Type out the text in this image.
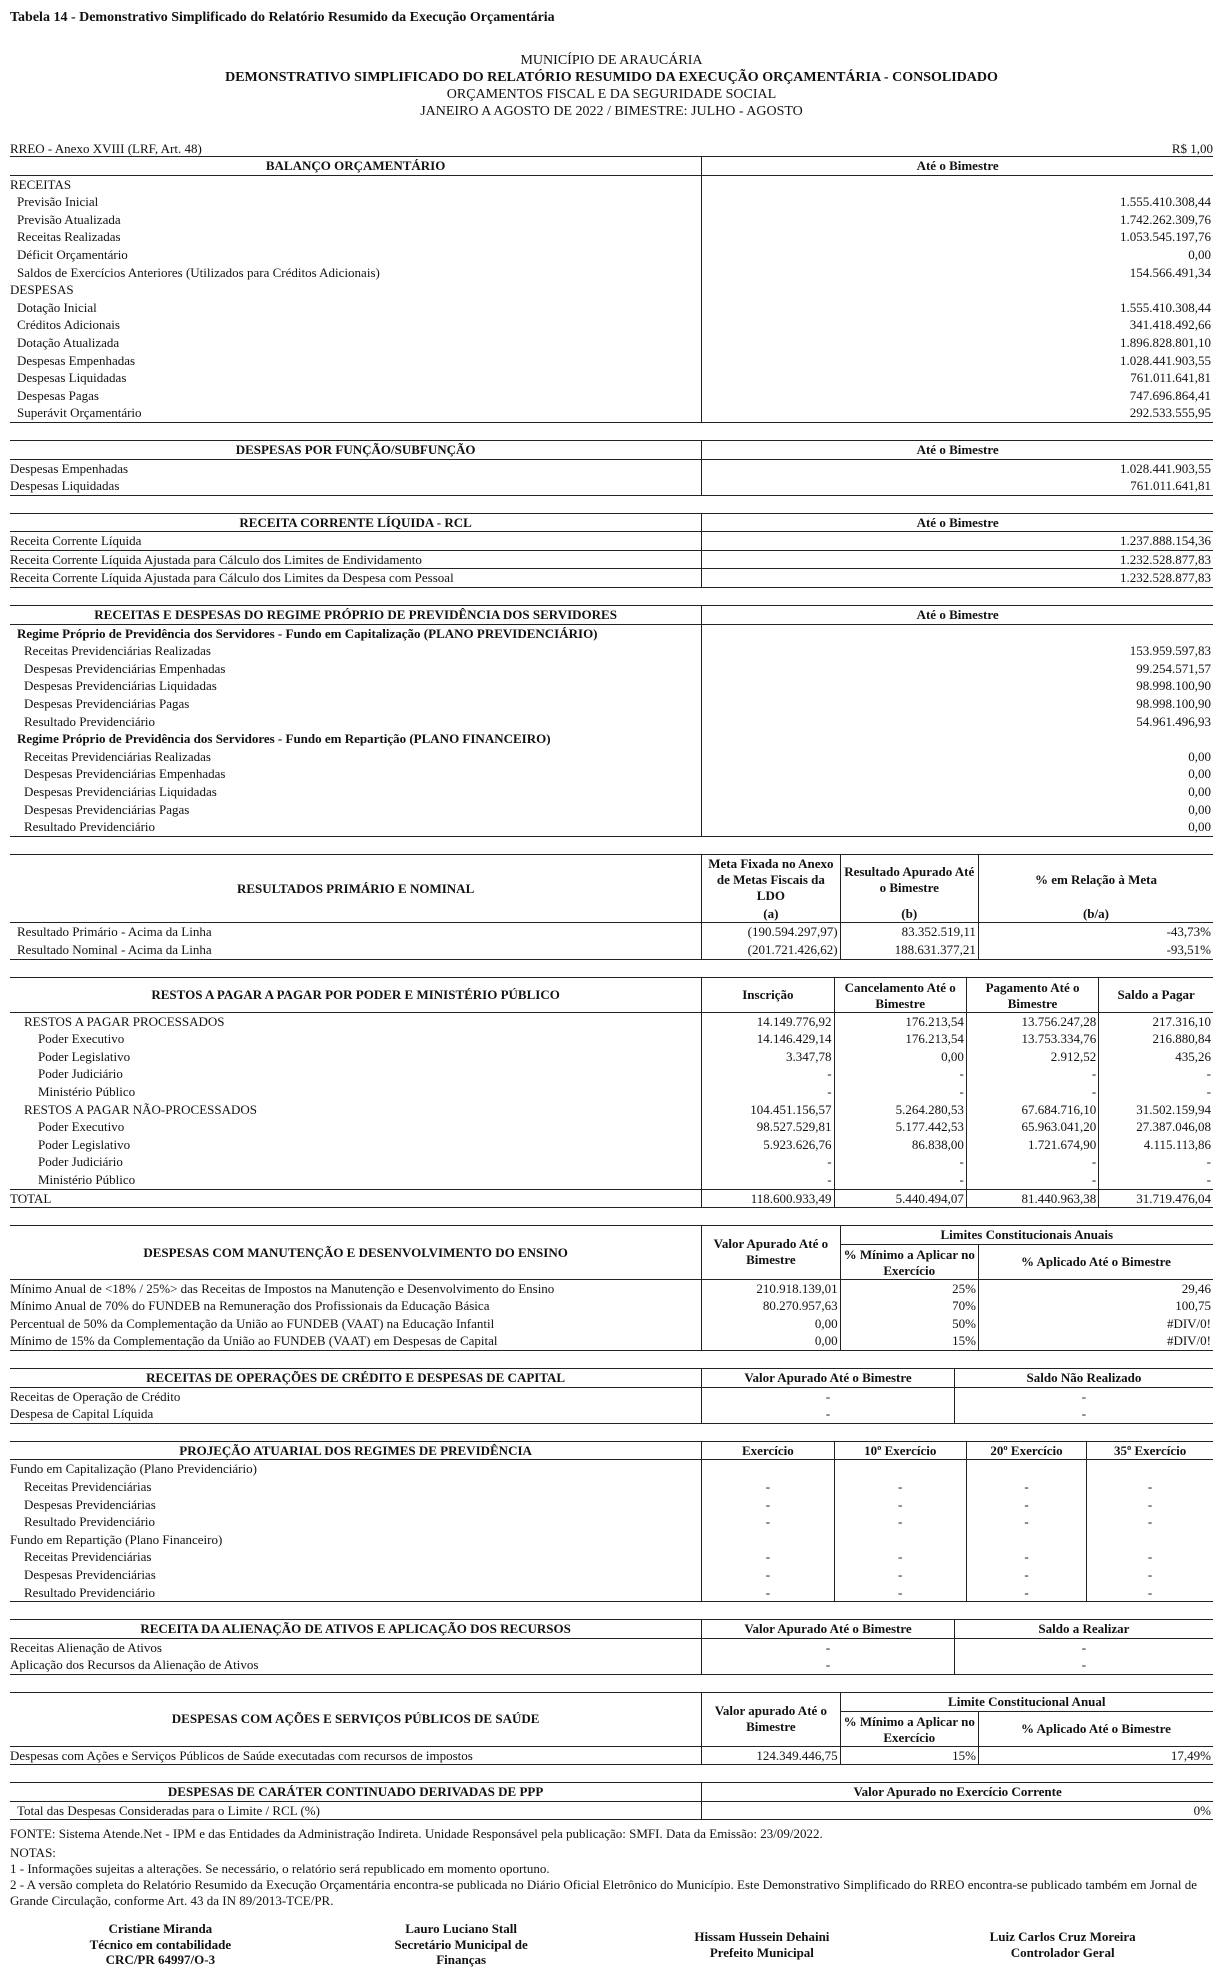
Tabela 14 - Demonstrativo Simplificado do Relatório Resumido da Execução Orçamentária
MUNICÍPIO DE ARAUCÁRIA
DEMONSTRATIVO SIMPLIFICADO DO RELATÓRIO RESUMIDO DA EXECUÇÃO ORÇAMENTÁRIA - CONSOLIDADO
ORÇAMENTOS FISCAL E DA SEGURIDADE SOCIAL
JANEIRO A AGOSTO DE 2022 / BIMESTRE: JULHO - AGOSTO
RREO - Anexo XVIII (LRF, Art. 48)	R$ 1,00
BALANÇO ORÇAMENTÁRIO	Até o Bimestre
RECEITAS	
Previsão Inicial	1.555.410.308,44
Previsão Atualizada	1.742.262.309,76
Receitas Realizadas	1.053.545.197,76
Déficit Orçamentário	0,00
Saldos de Exercícios Anteriores (Utilizados para Créditos Adicionais)	154.566.491,34
DESPESAS	
Dotação Inicial	1.555.410.308,44
Créditos Adicionais	341.418.492,66
Dotação Atualizada	1.896.828.801,10
Despesas Empenhadas	1.028.441.903,55
Despesas Liquidadas	761.011.641,81
Despesas Pagas	747.696.864,41
Superávit Orçamentário	292.533.555,95
DESPESAS POR FUNÇÃO/SUBFUNÇÃO	Até o Bimestre
Despesas Empenhadas	1.028.441.903,55
Despesas Liquidadas	761.011.641,81
RECEITA CORRENTE LÍQUIDA - RCL	Até o Bimestre
Receita Corrente Líquida	1.237.888.154,36
Receita Corrente Líquida Ajustada para Cálculo dos Limites de Endividamento	1.232.528.877,83
Receita Corrente Líquida Ajustada para Cálculo dos Limites da Despesa com Pessoal	1.232.528.877,83
RECEITAS E DESPESAS DO REGIME PRÓPRIO DE PREVIDÊNCIA DOS SERVIDORES	Até o Bimestre
Regime Próprio de Previdência dos Servidores - Fundo em Capitalização (PLANO PREVIDENCIÁRIO)	
Receitas Previdenciárias Realizadas	153.959.597,83
Despesas Previdenciárias Empenhadas	99.254.571,57
Despesas Previdenciárias Liquidadas	98.998.100,90
Despesas Previdenciárias Pagas	98.998.100,90
Resultado Previdenciário	54.961.496,93
Regime Próprio de Previdência dos Servidores - Fundo em Repartição (PLANO FINANCEIRO)	
Receitas Previdenciárias Realizadas	0,00
Despesas Previdenciárias Empenhadas	0,00
Despesas Previdenciárias Liquidadas	0,00
Despesas Previdenciárias Pagas	0,00
Resultado Previdenciário	0,00
RESULTADOS PRIMÁRIO E NOMINAL	Meta Fixada no Anexo de Metas Fiscais da LDO	Resultado Apurado Até o Bimestre	% em Relação à Meta
	(a)	(b)	(b/a)
Resultado Primário - Acima da Linha	(190.594.297,97)	83.352.519,11	-43,73%
Resultado Nominal - Acima da Linha	(201.721.426,62)	188.631.377,21	-93,51%
RESTOS A PAGAR A PAGAR POR PODER E MINISTÉRIO PÚBLICO	Inscrição	Cancelamento Até o Bimestre	Pagamento Até o Bimestre	Saldo a Pagar
RESTOS A PAGAR PROCESSADOS	14.149.776,92	176.213,54	13.756.247,28	217.316,10
Poder Executivo	14.146.429,14	176.213,54	13.753.334,76	216.880,84
Poder Legislativo	3.347,78	0,00	2.912,52	435,26
Poder Judiciário	-	-	-	-
Ministério Público	-	-	-	-
RESTOS A PAGAR NÃO-PROCESSADOS	104.451.156,57	5.264.280,53	67.684.716,10	31.502.159,94
Poder Executivo	98.527.529,81	5.177.442,53	65.963.041,20	27.387.046,08
Poder Legislativo	5.923.626,76	86.838,00	1.721.674,90	4.115.113,86
Poder Judiciário	-	-	-	-
Ministério Público	-	-	-	-
TOTAL	118.600.933,49	5.440.494,07	81.440.963,38	31.719.476,04
DESPESAS COM MANUTENÇÃO E DESENVOLVIMENTO DO ENSINO	Valor Apurado Até o Bimestre	Limites Constitucionais Anuais	
		% Mínimo a Aplicar no Exercício	% Aplicado Até o Bimestre
Mínimo Anual de <18% / 25%> das Receitas de Impostos na Manutenção e Desenvolvimento do Ensino	210.918.139,01	25%	29,46
Mínimo Anual de 70% do FUNDEB na Remuneração dos Profissionais da Educação Básica	80.270.957,63	70%	100,75
Percentual de 50% da Complementação da União ao FUNDEB (VAAT) na Educação Infantil	0,00	50%	#DIV/0!
Mínimo de 15% da Complementação da União ao FUNDEB (VAAT) em Despesas de Capital	0,00	15%	#DIV/0!
RECEITAS DE OPERAÇÕES DE CRÉDITO E DESPESAS DE CAPITAL	Valor Apurado Até o Bimestre	Saldo Não Realizado
Receitas de Operação de Crédito	-	-
Despesa de Capital Líquida	-	-
PROJEÇÃO ATUARIAL DOS REGIMES DE PREVIDÊNCIA	Exercício	10º Exercício	20º Exercício	35º Exercício
Fundo em Capitalização (Plano Previdenciário)				
Receitas Previdenciárias	-	-	-	-
Despesas Previdenciárias	-	-	-	-
Resultado Previdenciário	-	-	-	-
Fundo em Repartição (Plano Financeiro)				
Receitas Previdenciárias	-	-	-	-
Despesas Previdenciárias	-	-	-	-
Resultado Previdenciário	-	-	-	-
RECEITA DA ALIENAÇÃO DE ATIVOS E APLICAÇÃO DOS RECURSOS	Valor Apurado Até o Bimestre	Saldo a Realizar
Receitas Alienação de Ativos	-	-
Aplicação dos Recursos da Alienação de Ativos	-	-
DESPESAS COM AÇÕES E SERVIÇOS PÚBLICOS DE SAÚDE	Valor apurado Até o Bimestre	Limite Constitucional Anual	
		% Mínimo a Aplicar no Exercício	% Aplicado Até o Bimestre
Despesas com Ações e Serviços Públicos de Saúde executadas com recursos de impostos	124.349.446,75	15%	17,49%
DESPESAS DE CARÁTER CONTINUADO DERIVADAS DE PPP	Valor Apurado no Exercício Corrente
Total das Despesas Consideradas para o Limite / RCL (%)	0%
FONTE: Sistema Atende.Net - IPM e das Entidades da Administração Indireta. Unidade Responsável pela publicação: SMFI. Data da Emissão: 23/09/2022.
NOTAS:
1 - Informações sujeitas a alterações. Se necessário, o relatório será republicado em momento oportuno.
2 - A versão completa do Relatório Resumido da Execução Orçamentária encontra-se publicada no Diário Oficial Eletrônico do Município. Este Demonstrativo Simplificado do RREO encontra-se publicado também em Jornal de Grande Circulação, conforme Art. 43 da IN 89/2013-TCE/PR.
Cristiane Miranda
Técnico em contabilidade
CRC/PR 64997/O-3
Lauro Luciano Stall
Secretário Municipal de
Finanças
Hissam Hussein Dehaini
Prefeito Municipal
Luiz Carlos Cruz Moreira
Controlador Geral
